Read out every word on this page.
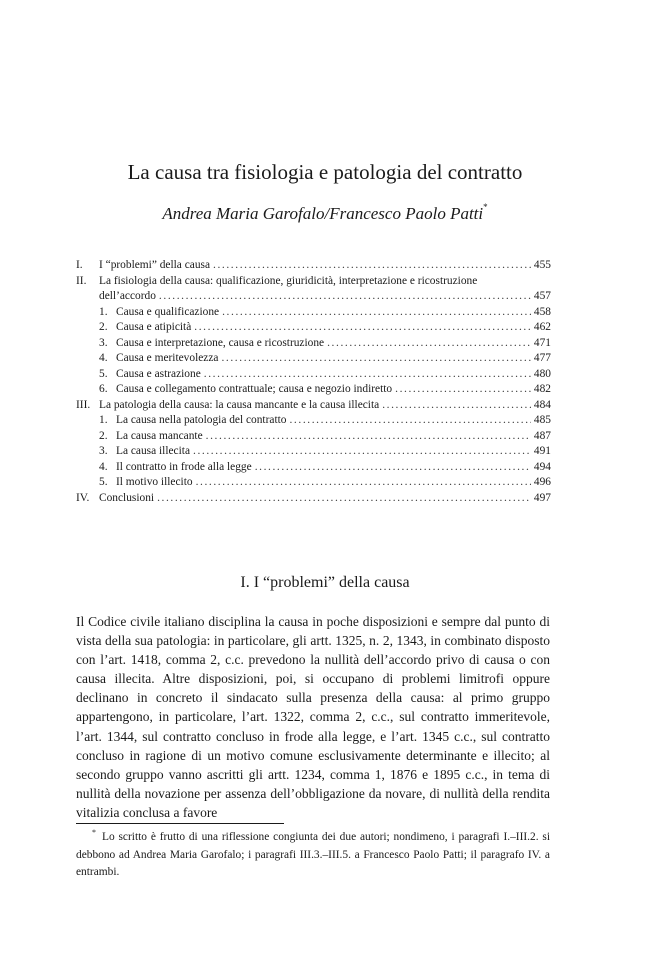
La causa tra fisiologia e patologia del contratto
Andrea Maria Garofalo/Francesco Paolo Patti*
I.	I “problemi” della causa .....	455
II.	La fisiologia della causa: qualificazione, giuridicità, interpretazione e ricostruzione
dell’accordo .....	457
1. Causa e qualificazione .....	458
2. Causa e atipicità .....	462
3. Causa e interpretazione, causa e ricostruzione .....	471
4. Causa e meritevolezza .....	477
5. Causa e astrazione .....	480
6. Causa e collegamento contrattuale; causa e negozio indiretto .....	482
III. La patologia della causa: la causa mancante e la causa illecita .....	484
1. La causa nella patologia del contratto .....	485
2. La causa mancante .....	487
3. La causa illecita .....	491
4. Il contratto in frode alla legge .....	494
5. Il motivo illecito .....	496
IV. Conclusioni .....	497
I. I “problemi” della causa

Il Codice civile italiano disciplina la causa in poche disposizioni e sempre dal punto di vista della sua patologia: in particolare, gli artt. 1325, n. 2, 1343, in combinato disposto con l’art. 1418, comma 2, c.c. prevedono la nullità dell’accordo privo di causa o con causa illecita. Altre disposizioni, poi, si occupano di problemi limitrofi oppure declinano in concreto il sindacato sulla presenza della causa: al primo gruppo appartengono, in particolare, l’art. 1322, comma 2, c.c., sul contratto immeritevole, l’art. 1344, sul contratto concluso in frode alla legge, e l’art. 1345 c.c., sul contratto concluso in ragione di un motivo comune esclusivamente determinante e illecito; al secondo gruppo vanno ascritti gli artt. 1234, comma 1, 1876 e 1895 c.c., in tema di nullità della novazione per assenza dell’obbligazione da novare, di nullità della rendita vitalizia conclusa a favore

* Lo scritto è frutto di una riflessione congiunta dei due autori; nondimeno, i paragrafi I.–III.2. si debbono ad Andrea Maria Garofalo; i paragrafi III.3.–III.5. a Francesco Paolo Patti; il paragrafo IV. a entrambi.
